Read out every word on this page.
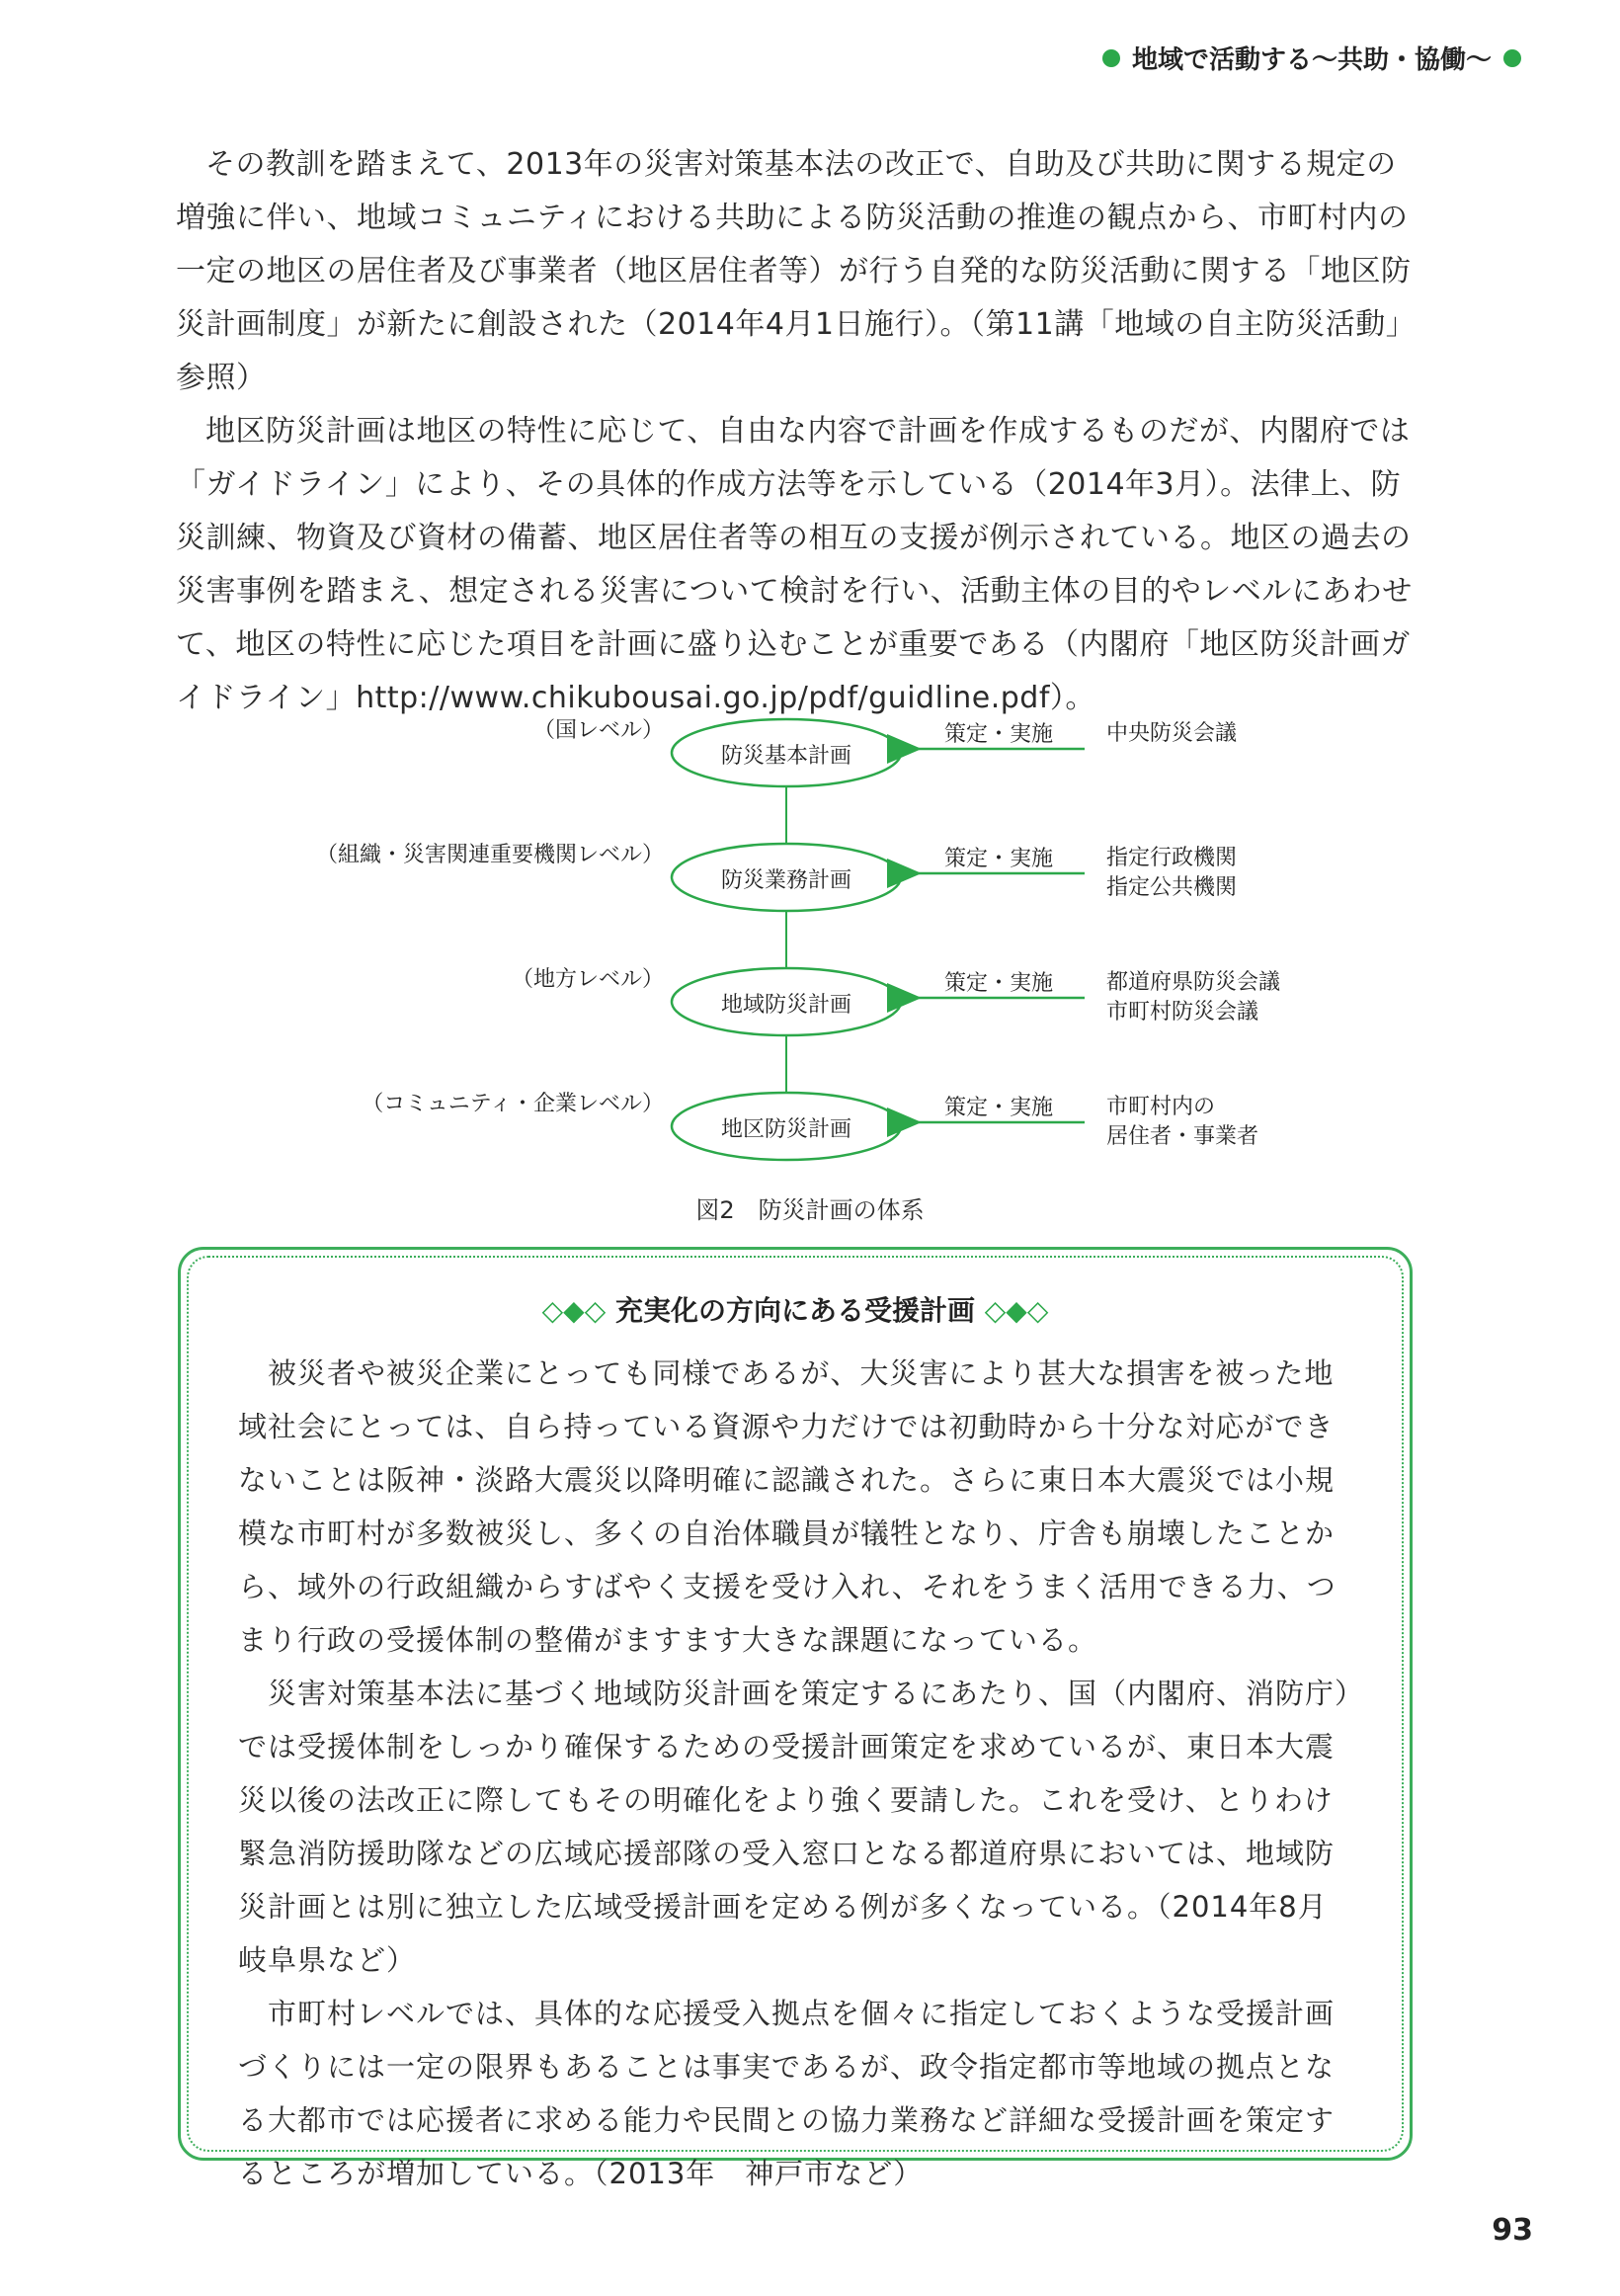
地域で活動する〜共助・協働〜

その教訓を踏まえて、2013年の災害対策基本法の改正で、自助及び共助に関する規定の増強に伴い、地域コミュニティにおける共助による防災活動の推進の観点から、市町村内の一定の地区の居住者及び事業者（地区居住者等）が行う自発的な防災活動に関する「地区防災計画制度」が新たに創設された（2014年4月1日施行）。（第11講「地域の自主防災活動」参照）

地区防災計画は地区の特性に応じて、自由な内容で計画を作成するものだが、内閣府では「ガイドライン」により、その具体的作成方法等を示している（2014年3月）。法律上、防災訓練、物資及び資材の備蓄、地区居住者等の相互の支援が例示されている。地区の過去の災害事例を踏まえ、想定される災害について検討を行い、活動主体の目的やレベルにあわせて、地区の特性に応じた項目を計画に盛り込むことが重要である（内閣府「地区防災計画ガイドライン」http://www.chikubousai.go.jp/pdf/guidline.pdf）。

（国レベル）
（組織・災害関連重要機関レベル）
（地方レベル）
（コミュニティ・企業レベル）
防災基本計画
防災業務計画
地域防災計画
地区防災計画
策定・実施
策定・実施
策定・実施
策定・実施
中央防災会議
指定行政機関
指定公共機関
都道府県防災会議
市町村防災会議
市町村内の
居住者・事業者
図2　防災計画の体系
◇◆◇ 充実化の方向にある受援計画 ◇◆◇

被災者や被災企業にとっても同様であるが、大災害により甚大な損害を被った地域社会にとっては、自ら持っている資源や力だけでは初動時から十分な対応ができないことは阪神・淡路大震災以降明確に認識された。さらに東日本大震災では小規模な市町村が多数被災し、多くの自治体職員が犠牲となり、庁舎も崩壊したことから、域外の行政組織からすばやく支援を受け入れ、それをうまく活用できる力、つまり行政の受援体制の整備がますます大きな課題になっている。

災害対策基本法に基づく地域防災計画を策定するにあたり、国（内閣府、消防庁）では受援体制をしっかり確保するための受援計画策定を求めているが、東日本大震災以後の法改正に際してもその明確化をより強く要請した。これを受け、とりわけ緊急消防援助隊などの広域応援部隊の受入窓口となる都道府県においては、地域防災計画とは別に独立した広域受援計画を定める例が多くなっている。（2014年8月　岐阜県など）

市町村レベルでは、具体的な応援受入拠点を個々に指定しておくような受援計画づくりには一定の限界もあることは事実であるが、政令指定都市等地域の拠点となる大都市では応援者に求める能力や民間との協力業務など詳細な受援計画を策定するところが増加している。（2013年　神戸市など）

93
